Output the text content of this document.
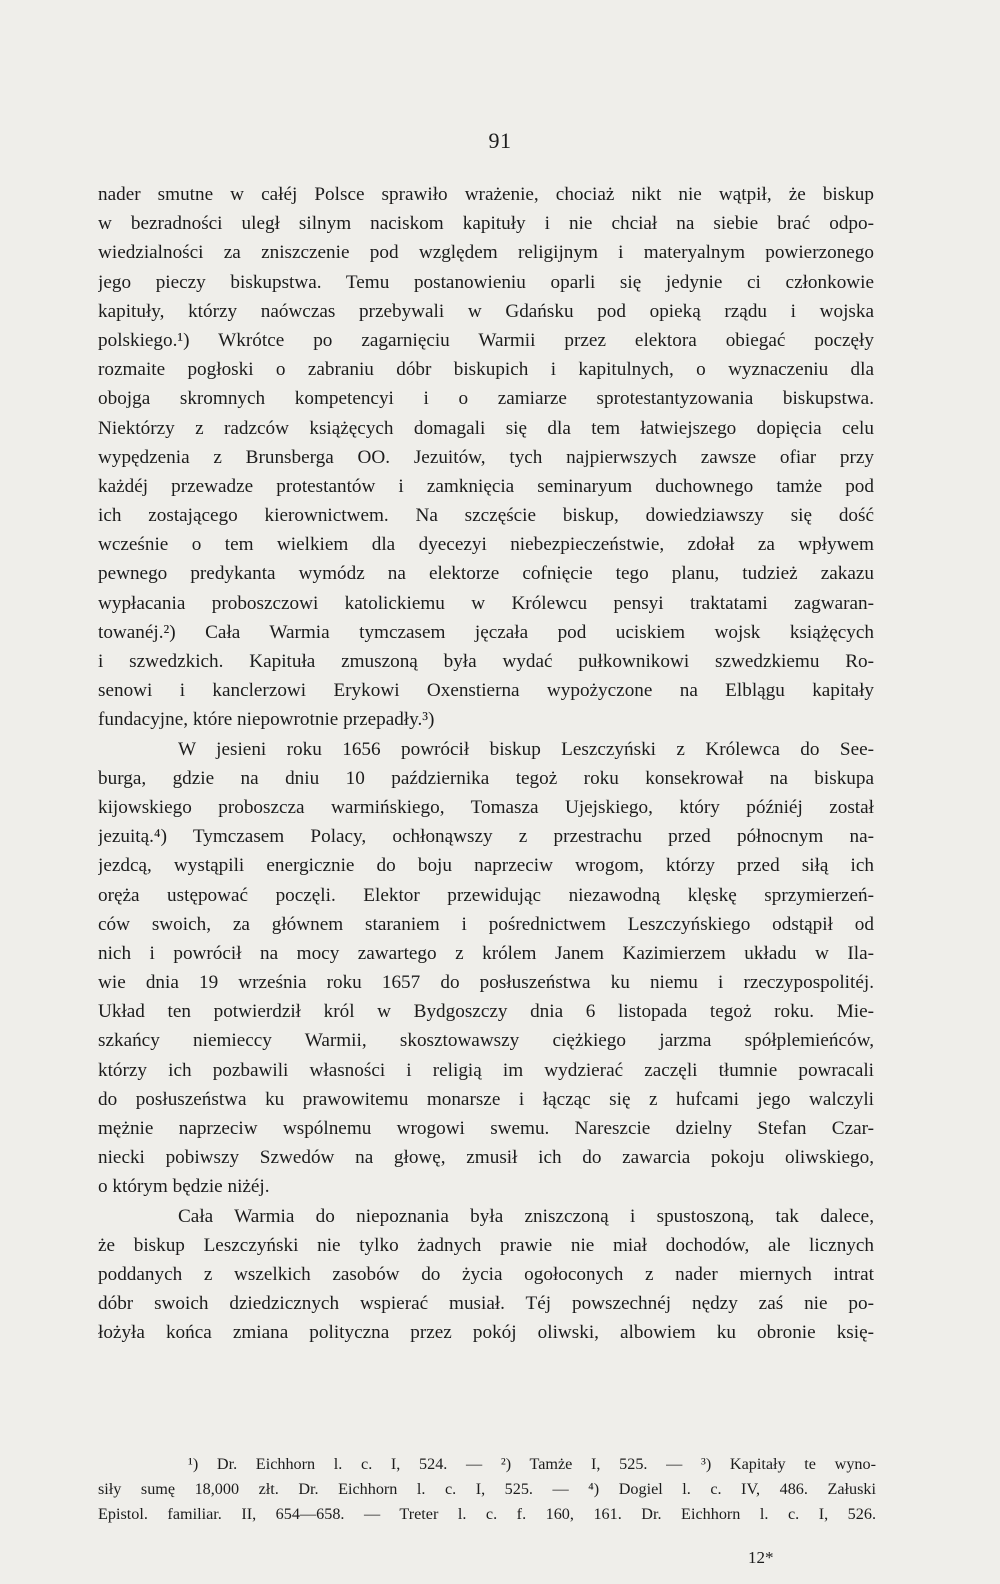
91
nader smutne w całéj Polsce sprawiło wrażenie, chociaż nikt nie wątpił, że biskup
w bezradności uległ silnym naciskom kapituły i nie chciał na siebie brać odpo-
wiedzialności za zniszczenie pod względem religijnym i materyalnym powierzonego
jego pieczy biskupstwa. Temu postanowieniu oparli się jedynie ci członkowie
kapituły, którzy naówczas przebywali w Gdańsku pod opieką rządu i wojska
polskiego.¹) Wkrótce po zagarnięciu Warmii przez elektora obiegać poczęły
rozmaite pogłoski o zabraniu dóbr biskupich i kapitulnych, o wyznaczeniu dla
obojga skromnych kompetencyi i o zamiarze sprotestantyzowania biskupstwa.
Niektórzy z radzców książęcych domagali się dla tem łatwiejszego dopięcia celu
wypędzenia z Brunsberga OO. Jezuitów, tych najpierwszych zawsze ofiar przy
każdéj przewadze protestantów i zamknięcia seminaryum duchownego tamże pod
ich zostającego kierownictwem. Na szczęście biskup, dowiedziawszy się dość
wcześnie o tem wielkiem dla dyecezyi niebezpieczeństwie, zdołał za wpływem
pewnego predykanta wymódz na elektorze cofnięcie tego planu, tudzież zakazu
wypłacania proboszczowi katolickiemu w Królewcu pensyi traktatami zagwaran-
towanéj.²) Cała Warmia tymczasem jęczała pod uciskiem wojsk książęcych
i szwedzkich. Kapituła zmuszoną była wydać pułkownikowi szwedzkiemu Ro-
senowi i kanclerzowi Erykowi Oxenstierna wypożyczone na Elblągu kapitały
fundacyjne, które niepowrotnie przepadły.³)
W jesieni roku 1656 powrócił biskup Leszczyński z Królewca do See-
burga, gdzie na dniu 10 października tegoż roku konsekrował na biskupa
kijowskiego proboszcza warmińskiego, Tomasza Ujejskiego, który późniéj został
jezuitą.⁴) Tymczasem Polacy, ochłonąwszy z przestrachu przed północnym na-
jezdcą, wystąpili energicznie do boju naprzeciw wrogom, którzy przed siłą ich
oręża ustępować poczęli. Elektor przewidując niezawodną klęskę sprzymierzeń-
ców swoich, za głównem staraniem i pośrednictwem Leszczyńskiego odstąpił od
nich i powrócił na mocy zawartego z królem Janem Kazimierzem układu w Ila-
wie dnia 19 września roku 1657 do posłuszeństwa ku niemu i rzeczypospolitéj.
Układ ten potwierdził król w Bydgoszczy dnia 6 listopada tegoż roku. Mie-
szkańcy niemieccy Warmii, skosztowawszy ciężkiego jarzma spółplemieńców,
którzy ich pozbawili własności i religią im wydzierać zaczęli tłumnie powracali
do posłuszeństwa ku prawowitemu monarsze i łącząc się z hufcami jego walczyli
mężnie naprzeciw wspólnemu wrogowi swemu. Nareszcie dzielny Stefan Czar-
niecki pobiwszy Szwedów na głowę, zmusił ich do zawarcia pokoju oliwskiego,
o którym będzie niżéj.
Cała Warmia do niepoznania była zniszczoną i spustoszoną, tak dalece,
że biskup Leszczyński nie tylko żadnych prawie nie miał dochodów, ale licznych
poddanych z wszelkich zasobów do życia ogołoconych z nader miernych intrat
dóbr swoich dziedzicznych wspierać musiał. Téj powszechnéj nędzy zaś nie po-
łożyła końca zmiana polityczna przez pokój oliwski, albowiem ku obronie księ-
¹) Dr. Eichhorn l. c. I, 524. — ²) Tamże I, 525. — ³) Kapitały te wyno-
siły sumę 18,000 złt. Dr. Eichhorn l. c. I, 525. — ⁴) Dogiel l. c. IV, 486. Załuski
Epistol. familiar. II, 654—658. — Treter l. c. f. 160, 161. Dr. Eichhorn l. c. I, 526.
12*
